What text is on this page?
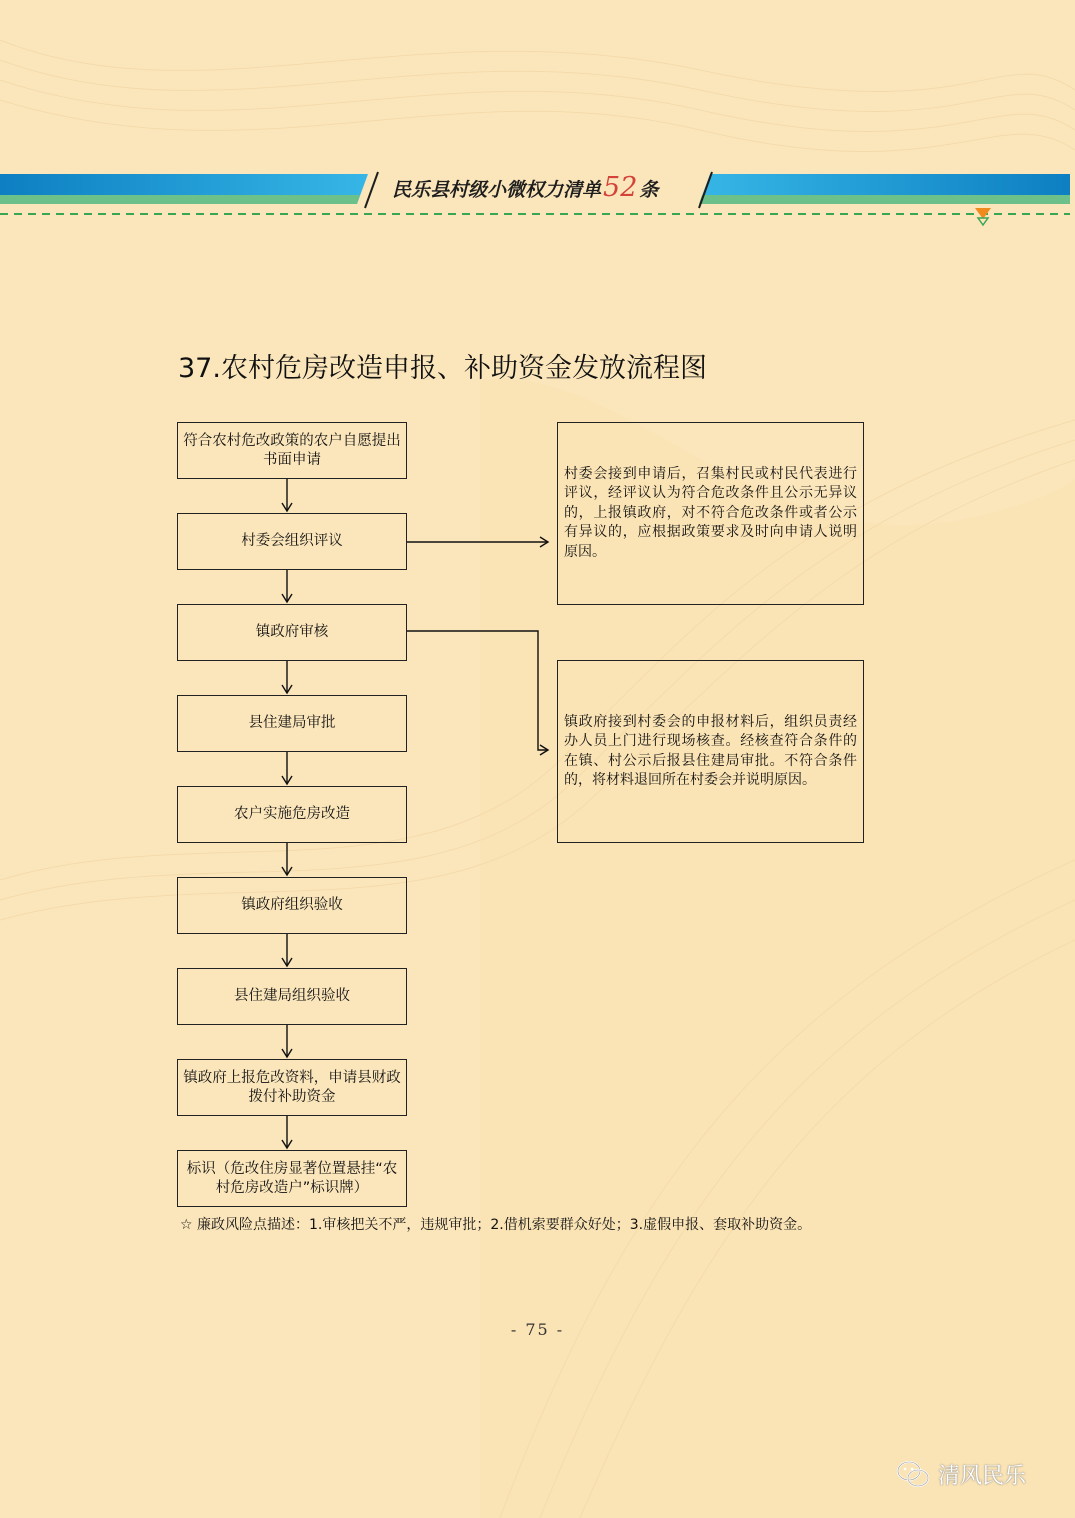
民乐县村级小微权力清单52 条
37.农村危房改造申报、补助资金发放流程图
符合农村危改政策的农户自愿提出书面申请
村委会组织评议
镇政府审核
县住建局审批
农户实施危房改造
镇政府组织验收
县住建局组织验收
镇政府上报危改资料，申请县财政拨付补助资金
标识（危改住房显著位置悬挂“农村危房改造户”标识牌）
村委会接到申请后，召集村民或村民代表进行评议，经评议认为符合危改条件且公示无异议的，上报镇政府，对不符合危改条件或者公示有异议的，应根据政策要求及时向申请人说明原因。
镇政府接到村委会的申报材料后，组织员责经办人员上门进行现场核查。经核查符合条件的在镇、村公示后报县住建局审批。不符合条件的，将材料退回所在村委会并说明原因。
☆ 廉政风险点描述：1.审核把关不严，违规审批；2.借机索要群众好处；3.虚假申报、套取补助资金。
- 75 -
清风民乐
